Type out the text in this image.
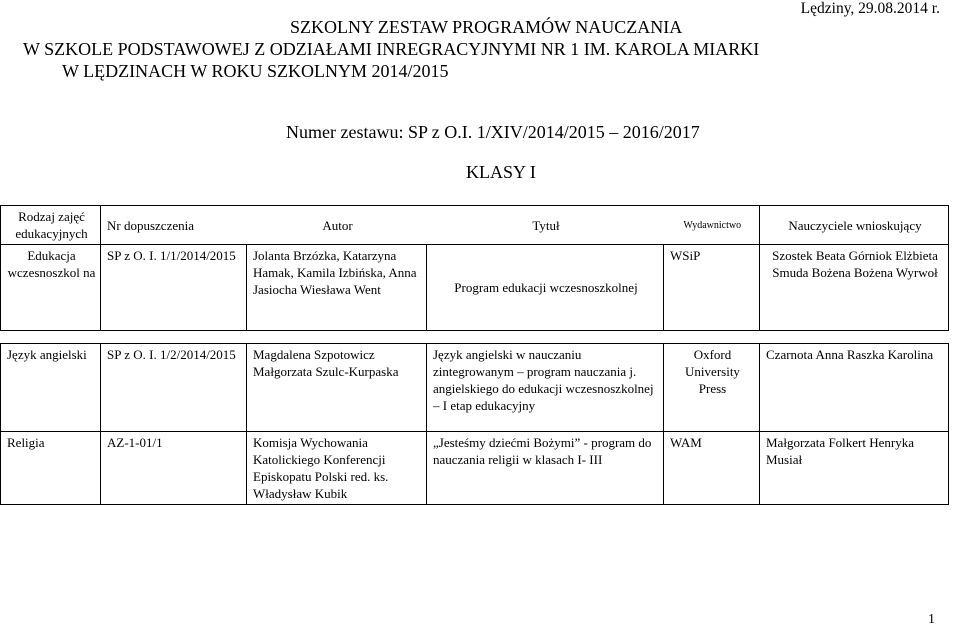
Lędziny, 29.08.2014 r.
SZKOLNY ZESTAW PROGRAMÓW NAUCZANIA
W SZKOLE PODSTAWOWEJ Z ODZIAŁAMI INREGRACYJNYMI NR 1 IM. KAROLA MIARKI
W LĘDZINACH W ROKU SZKOLNYM 2014/2015
Numer zestawu: SP z O.I. 1/XIV/2014/2015 – 2016/2017
KLASY I
Rodzaj zajęć edukacyjnych	Nr dopuszczenia	Autor	Tytuł	Wydawnictwo	Nauczyciele wnioskujący
Edukacja wczesnoszkol na	SP z O. I. 1/1/2014/2015	Jolanta Brzózka, Katarzyna Hamak, Kamila Izbińska, Anna Jasiocha Wiesława Went	Program edukacji wczesnoszkolnej	WSiP	Szostek Beata Górniok Elżbieta Smuda Bożena Bożena Wyrwoł

Język angielski	SP z O. I. 1/2/2014/2015	Magdalena Szpotowicz Małgorzata Szulc-Kurpaska	Język angielski w nauczaniu zintegrowanym – program nauczania j. angielskiego do edukacji wczesnoszkolnej – I etap edukacyjny	Oxford University Press	Czarnota Anna Raszka Karolina
Religia	AZ-1-01/1	Komisja Wychowania Katolickiego Konferencji Episkopatu Polski red. ks. Władysław Kubik	„Jesteśmy dziećmi Bożymi” - program do nauczania religii w klasach I- III	WAM	Małgorzata Folkert Henryka Musiał
1
